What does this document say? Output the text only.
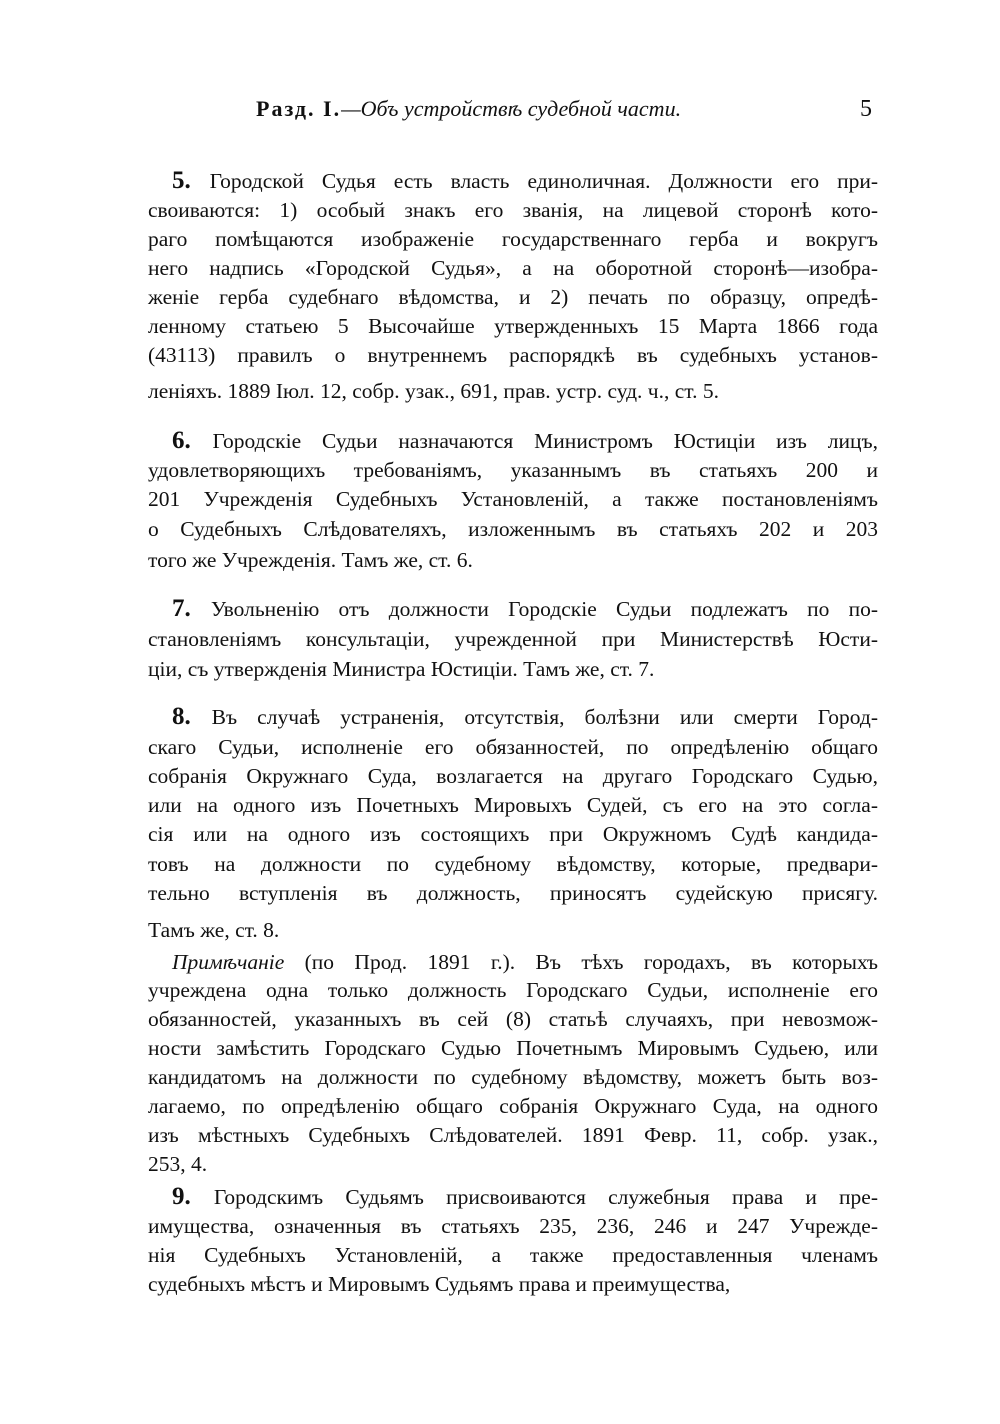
Разд. I.—Объ устройствѣ судебной части.	5
5. Городской Судья есть власть единоличная. Должности его при-
своиваются: 1) особый знакъ его званія, на лицевой сторонѣ кото-
раго помѣщаются изображеніе государственнаго герба и вокругъ
него надпись «Городской Судья», а на оборотной сторонѣ—изобра-
женіе герба судебнаго вѣдомства, и 2) печать по образцу, опредѣ-
ленному статьею 5 Высочайше утвержденныхъ 15 Марта 1866 года
(43113) правилъ о внутреннемъ распорядкѣ въ судебныхъ установ-
леніяхъ. 1889 Іюл. 12, собр. узак., 691, прав. устр. суд. ч., ст. 5.
6. Городскіе Судьи назначаются Министромъ Юстиціи изъ лицъ,
удовлетворяющихъ требованіямъ, указаннымъ въ статьяхъ 200 и
201 Учрежденія Судебныхъ Установленій, а также постановленіямъ
о Судебныхъ Слѣдователяхъ, изложеннымъ въ статьяхъ 202 и 203
того же Учрежденія. Тамъ же, ст. 6.
7. Увольненію отъ должности Городскіе Судьи подлежатъ по по-
становленіямъ консультаціи, учрежденной при Министерствѣ Юсти-
ціи, съ утвержденія Министра Юстиціи. Тамъ же, ст. 7.
8. Въ случаѣ устраненія, отсутствія, болѣзни или смерти Город-
скаго Судьи, исполненіе его обязанностей, по опредѣленію общаго
собранія Окружнаго Суда, возлагается на другаго Городскаго Судью,
или на одного изъ Почетныхъ Мировыхъ Судей, съ его на это согла-
сія или на одного изъ состоящихъ при Окружномъ Судѣ кандида-
товъ на должности по судебному вѣдомству, которые, предвари-
тельно вступленія въ должность, приносятъ судейскую присягу.
Тамъ же, ст. 8.
Примѣчаніе (по Прод. 1891 г.). Въ тѣхъ городахъ, въ которыхъ
учреждена одна только должность Городскаго Судьи, исполненіе его
обязанностей, указанныхъ въ сей (8) статьѣ случаяхъ, при невозмож-
ности замѣстить Городскаго Судью Почетнымъ Мировымъ Судьею, или
кандидатомъ на должности по судебному вѣдомству, можетъ быть воз-
лагаемо, по опредѣленію общаго собранія Окружнаго Суда, на одного
изъ мѣстныхъ Судебныхъ Слѣдователей. 1891 Февр. 11, собр. узак.,
253, 4.
9. Городскимъ Судьямъ присвоиваются служебныя права и пре-
имущества, означенныя въ статьяхъ 235, 236, 246 и 247 Учрежде-
нія Судебныхъ Установленій, а также предоставленныя членамъ
судебныхъ мѣстъ и Мировымъ Судьямъ права и преимущества,
